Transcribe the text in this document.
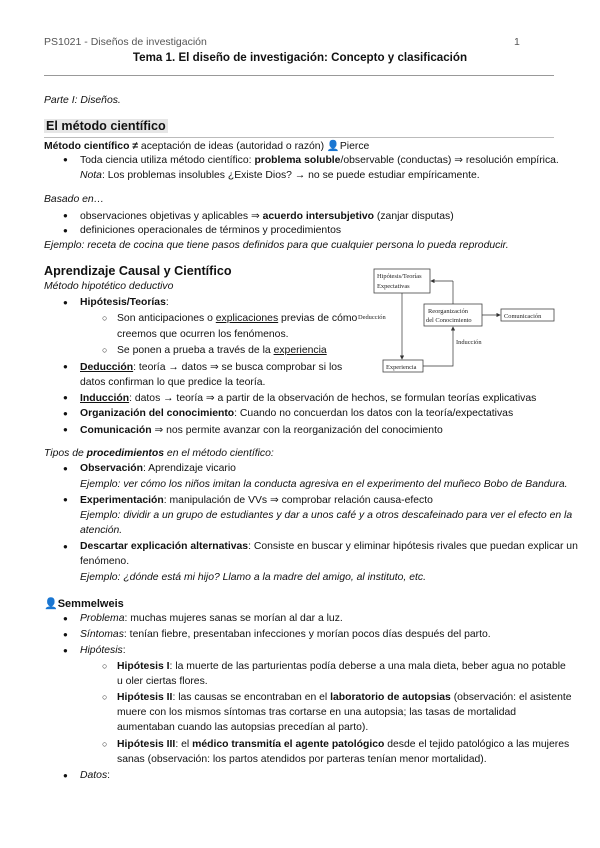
PS1021 - Diseños de investigación	1
Tema 1. El diseño de investigación: Concepto y clasificación
Parte I: Diseños.
El método científico
Método científico ≠ aceptación de ideas (autoridad o razón) 👤Pierce
● Toda ciencia utiliza método científico: problema soluble/observable (conductas) ⇒ resolución empírica.
Nota: Los problemas insolubles ¿Existe Dios? → no se puede estudiar empíricamente.
Basado en…
● observaciones objetivas y aplicables ⇒ acuerdo intersubjetivo (zanjar disputas)
● definiciones operacionales de términos y procedimientos
Ejemplo: receta de cocina que tiene pasos definidos para que cualquier persona lo pueda reproducir.
Aprendizaje Causal y Científico
Método hipotético deductivo
● Hipótesis/Teorías:
○ Son anticipaciones o explicaciones previas de cómo
creemos que ocurren los fenómenos.
○ Se ponen a prueba a través de la experiencia
● Deducción: teoría → datos ⇒ se busca comprobar si los
datos confirman lo que predice la teoría.
● Inducción: datos → teoría ⇒ a partir de la observación de hechos, se formulan teorías explicativas
● Organización del conocimiento: Cuando no concuerdan los datos con la teoría/expectativas
● Comunicación ⇒ nos permite avanzar con la reorganización del conocimiento
Hipótesis/Teorías
Expectativas
Reorganización
del Conocimiento
Comunicación
Experiencia
Deducción
Inducción
Tipos de procedimientos en el método científico:
● Observación: Aprendizaje vicario
Ejemplo: ver cómo los niños imitan la conducta agresiva en el experimento del muñeco Bobo de Bandura.
● Experimentación: manipulación de VVs ⇒ comprobar relación causa-efecto
Ejemplo: dividir a un grupo de estudiantes y dar a unos café y a otros descafeinado para ver el efecto en la
atención.
● Descartar explicación alternativas: Consiste en buscar y eliminar hipótesis rivales que puedan explicar un
fenómeno.
Ejemplo: ¿dónde está mi hijo? Llamo a la madre del amigo, al instituto, etc.
👤Semmelweis
● Problema: muchas mujeres sanas se morían al dar a luz.
● Síntomas: tenían fiebre, presentaban infecciones y morían pocos días después del parto.
● Hipótesis:
○ Hipótesis I: la muerte de las parturientas podía deberse a una mala dieta, beber agua no potable
u oler ciertas flores.
○ Hipótesis II: las causas se encontraban en el laboratorio de autopsias (observación: el asistente
muere con los mismos síntomas tras cortarse en una autopsia; las tasas de mortalidad
aumentaban cuando las autopsias precedían al parto).
○ Hipótesis III: el médico transmitía el agente patológico desde el tejido patológico a las mujeres
sanas (observación: los partos atendidos por parteras tenían menor mortalidad).
● Datos:
